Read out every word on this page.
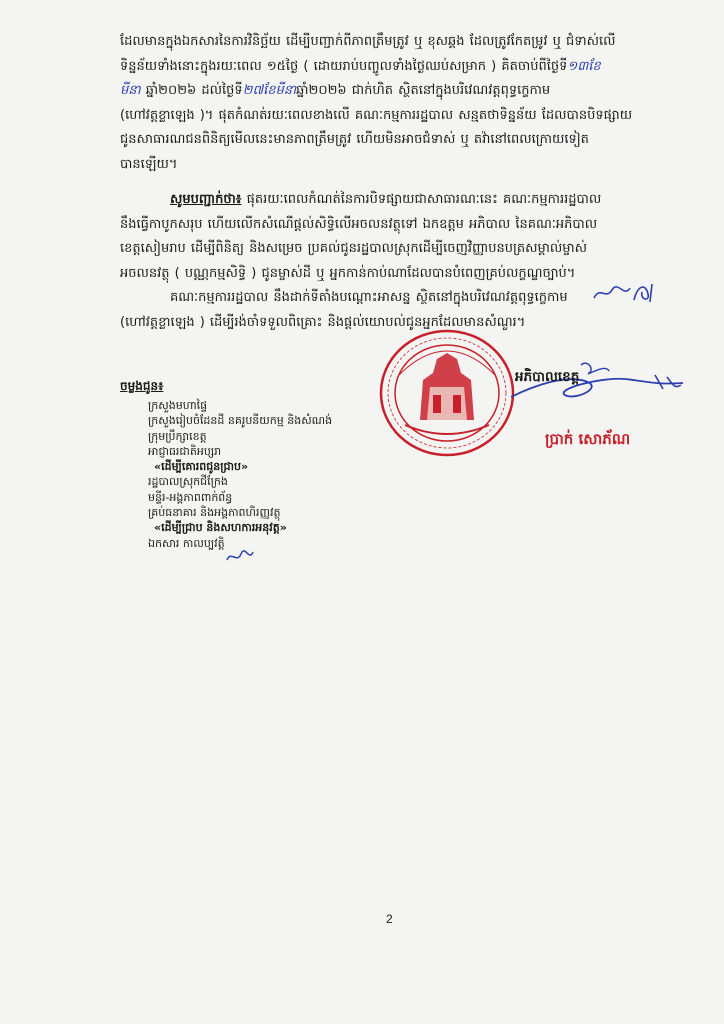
ដែលមានក្នុងឯកសារនៃការវិនិច្ឆ័យ ដើម្បីបញ្ជាក់ពីភាពត្រឹមត្រូវ ឬ ខុសឆ្គង ដែលត្រូវកែតម្រូវ ឬ ជំទាស់លើ
ទិន្នន័យទាំងនោះក្នុងរយៈពេល ១៥ថ្ងៃ ( ដោយរាប់បញ្ចូលទាំងថ្ងៃឈប់សម្រាក ) គិតចាប់ពីថ្ងៃទី១៣ខែ
មីនា ឆ្នាំ២០២៦ ដល់ថ្ងៃទី២៧ខែមីនាឆ្នាំ២០២៦ ជាក់ហិត ស្ថិតនៅក្នុងបរិវេណវត្តពុទ្ធក្ខេកាម
(ហៅវត្តខ្លាឡេង )។ ផុតកំណត់រយៈពេលខាងលើ គណៈកម្មការរដ្ឋបាល សន្មតថាទិន្នន័យ ដែលបានបិទផ្សាយ
ជូនសាធារណជនពិនិត្យមើលនេះមានភាពត្រឹមត្រូវ ហើយមិនអាចជំទាស់ ឬ តវ៉ានៅពេលក្រោយទៀត
បានឡើយ។
សូមបញ្ជាក់ថា៖ ផុតរយៈពេលកំណត់នៃការបិទផ្សាយជាសាធារណៈនេះ គណៈកម្មការរដ្ឋបាល
នឹងធ្វើកាបូកសរុប ហើយលើកសំណើផ្តល់សិទ្ធិលើអចលនវត្ថុទៅ ឯកឧត្តម អភិបាល នៃគណៈអភិបាល
ខេត្តសៀមរាប ដើម្បីពិនិត្យ និងសម្រេច ប្រគល់ជូនរដ្ឋបាលស្រុកដើម្បីចេញវិញ្ញាបនបត្រសម្គាល់ម្ចាស់
អចលនវត្ថុ ( បណ្ណកម្មសិទ្ធិ ) ជូនម្ចាស់ដី ឬ អ្នកកាន់កាប់ណាដែលបានបំពេញគ្រប់លក្ខណ្ឌច្បាប់។
គណៈកម្មការរដ្ឋបាល នឹងដាក់ទីតាំងបណ្តោះអាសន្ន ស្ថិតនៅក្នុងបរិវេណវត្តពុទ្ធក្ខេកាម
(ហៅវត្តខ្លាឡេង ) ដើម្បីរង់ចាំទទួលពិគ្រោះ និងផ្តល់យោបល់ជូនអ្នកដែលមានសំណួរ។
អភិបាលខេត្ត
ប្រាក់ សោភ័ណ
ចម្លងជូន៖
ក្រសួងមហាផ្ទៃ
ក្រសួងរៀបចំដែនដី នគរូបនីយកម្ម និងសំណង់
ក្រុមប្រឹក្សាខេត្ត
អាជ្ញាធរជាតិអប្សរា
«ដើម្បីគោរពជូនជ្រាប»
រដ្ឋបាលស្រុកជីក្រែង
មន្ទីរ-អង្គភាពពាក់ព័ន្ធ
គ្រប់ធនាគារ និងអង្គភាពហិរញ្ញវត្ថុ
«ដើម្បីជ្រាប និងសហការអនុវត្ត»
ឯកសារ កាលប្បវត្តិ
2
